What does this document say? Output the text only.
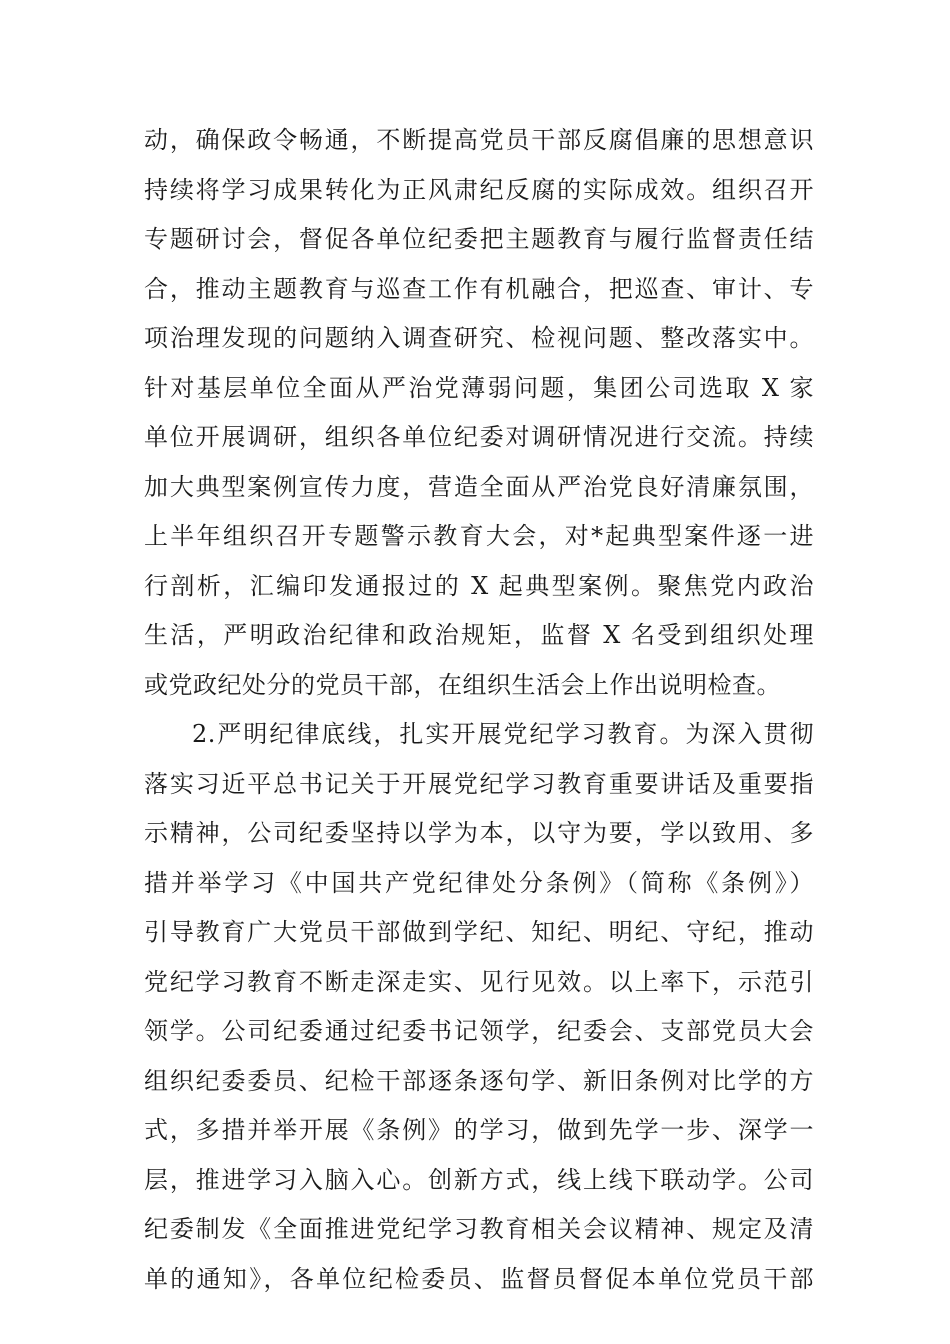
动，确保政令畅通，不断提高党员干部反腐倡廉的思想意识
持续将学习成果转化为正风肃纪反腐的实际成效。组织召开
专题研讨会，督促各单位纪委把主题教育与履行监督责任结
合，推动主题教育与巡查工作有机融合，把巡查、审计、专
项治理发现的问题纳入调查研究、检视问题、整改落实中。
针对基层单位全面从严治党薄弱问题，集团公司选取 X 家
单位开展调研，组织各单位纪委对调研情况进行交流。持续
加大典型案例宣传力度，营造全面从严治党良好清廉氛围，
上半年组织召开专题警示教育大会，对*起典型案件逐一进
行剖析，汇编印发通报过的 X 起典型案例。聚焦党内政治
生活，严明政治纪律和政治规矩，监督 X 名受到组织处理
或党政纪处分的党员干部，在组织生活会上作出说明检查。
2.严明纪律底线，扎实开展党纪学习教育。为深入贯彻
落实习近平总书记关于开展党纪学习教育重要讲话及重要指
示精神，公司纪委坚持以学为本，以守为要，学以致用、多
措并举学习《中国共产党纪律处分条例》（简称《条例》）
引导教育广大党员干部做到学纪、知纪、明纪、守纪，推动
党纪学习教育不断走深走实、见行见效。以上率下，示范引
领学。公司纪委通过纪委书记领学，纪委会、支部党员大会
组织纪委委员、纪检干部逐条逐句学、新旧条例对比学的方
式，多措并举开展《条例》的学习，做到先学一步、深学一
层，推进学习入脑入心。创新方式，线上线下联动学。公司
纪委制发《全面推进党纪学习教育相关会议精神、规定及清
单的通知》，各单位纪检委员、监督员督促本单位党员干部
